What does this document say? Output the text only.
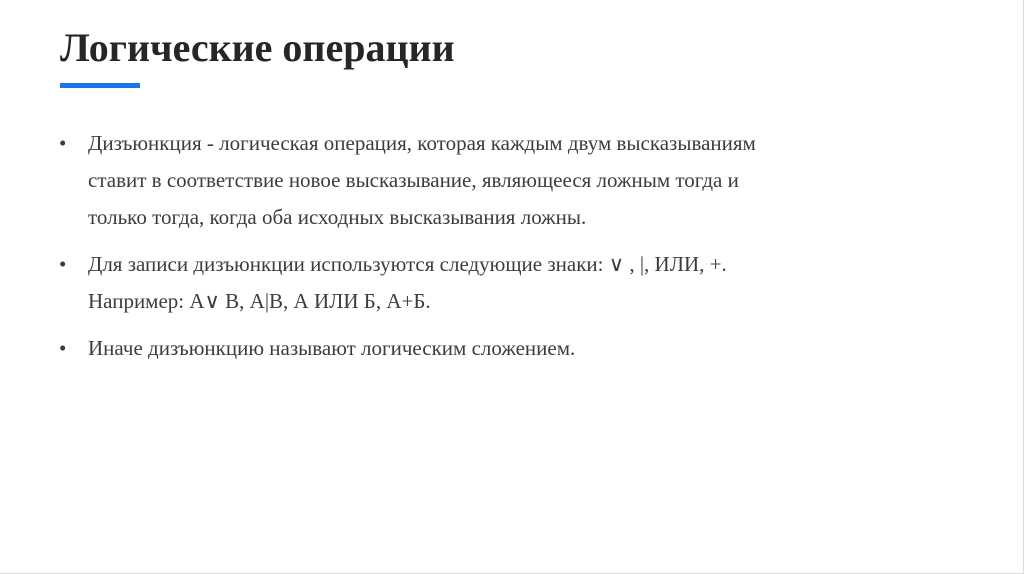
Логические операции
• Дизъюнкция - логическая операция, которая каждым двум высказываниям
ставит в соответствие новое высказывание, являющееся ложным тогда и
только тогда, когда оба исходных высказывания ложны.
• Для записи дизъюнкции используются следующие знаки: ∨ , |, ИЛИ, +.
Например: А∨ В, А|В, А ИЛИ Б, А+Б.
• Иначе дизъюнкцию называют логическим сложением.
